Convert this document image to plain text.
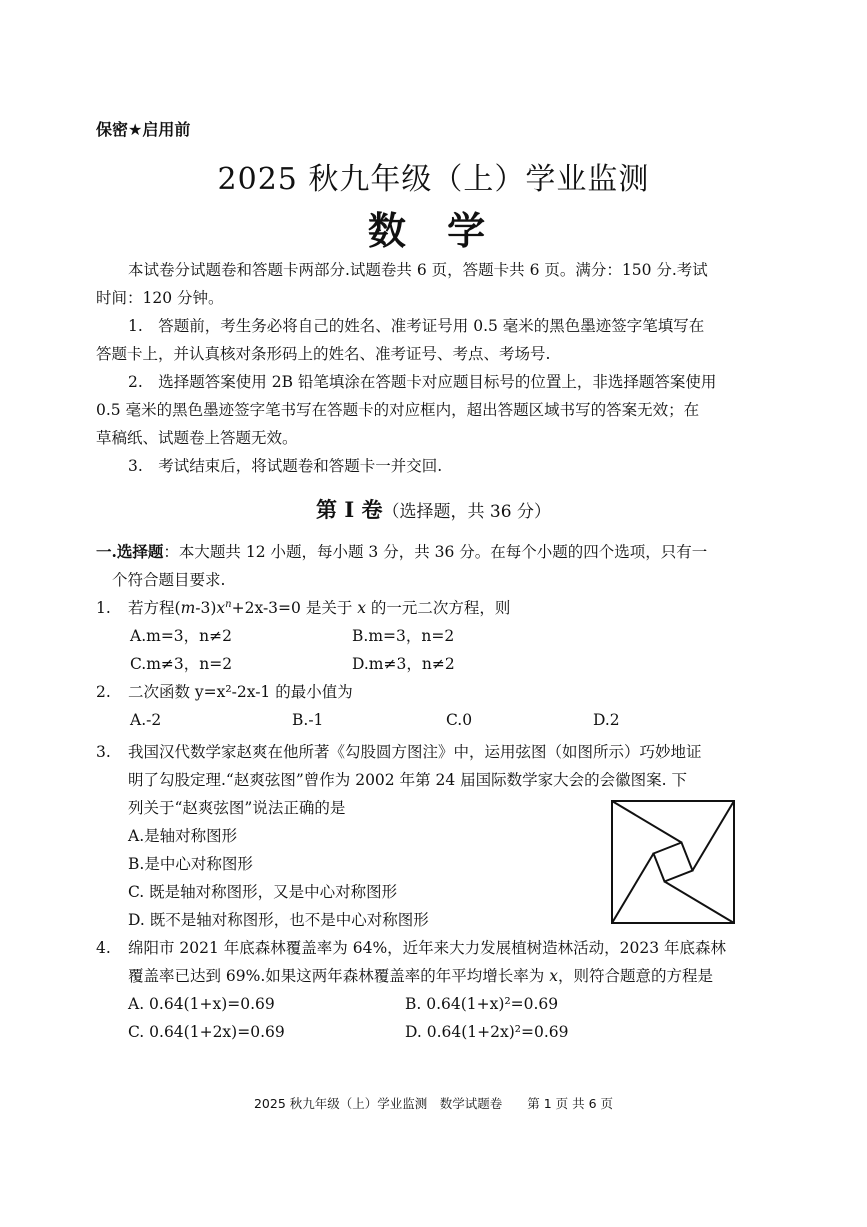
保密★启用前
2025 秋九年级（上）学业监测
数 学
本试卷分试题卷和答题卡两部分.试题卷共 6 页，答题卡共 6 页。满分：150 分.考试
时间：120 分钟。
1.　答题前，考生务必将自己的姓名、准考证号用 0.5 毫米的黑色墨迹签字笔填写在
答题卡上，并认真核对条形码上的姓名、准考证号、考点、考场号.
2.　选择题答案使用 2B 铅笔填涂在答题卡对应题目标号的位置上，非选择题答案使用
0.5 毫米的黑色墨迹签字笔书写在答题卡的对应框内，超出答题区域书写的答案无效；在
草稿纸、试题卷上答题无效。
3.　考试结束后，将试题卷和答题卡一并交回.
第 I 卷（选择题，共 36 分）
一.选择题：本大题共 12 小题，每小题 3 分，共 36 分。在每个小题的四个选项，只有一
个符合题目要求.
1. 若方程$(m-3)x^n+2x-3=0$ 是关于 x 的一元二次方程，则
A.m=3，n≠2	B.m=3，n=2
C.m≠3，n=2	D.m≠3，n≠2
2. 二次函数 y=x²-2x-1 的最小值为
A.-2	B.-1	C.0	D.2
3. 我国汉代数学家赵爽在他所著《勾股圆方图注》中，运用弦图（如图所示）巧妙地证
明了勾股定理.“赵爽弦图”曾作为 2002 年第 24 届国际数学家大会的会徽图案. 下
列关于“赵爽弦图”说法正确的是
A.是轴对称图形
B.是中心对称图形
C. 既是轴对称图形，又是中心对称图形
D. 既不是轴对称图形，也不是中心对称图形
4. 绵阳市 2021 年底森林覆盖率为 64%，近年来大力发展植树造林活动，2023 年底森林
覆盖率已达到 69%.如果这两年森林覆盖率的年平均增长率为 x，则符合题意的方程是
A. 0.64(1+x)=0.69	B. 0.64(1+x)²=0.69
C. 0.64(1+2x)=0.69	D. 0.64(1+2x)²=0.69
2025 秋九年级（上）学业监测　数学试题卷　　第 1 页 共 6 页
